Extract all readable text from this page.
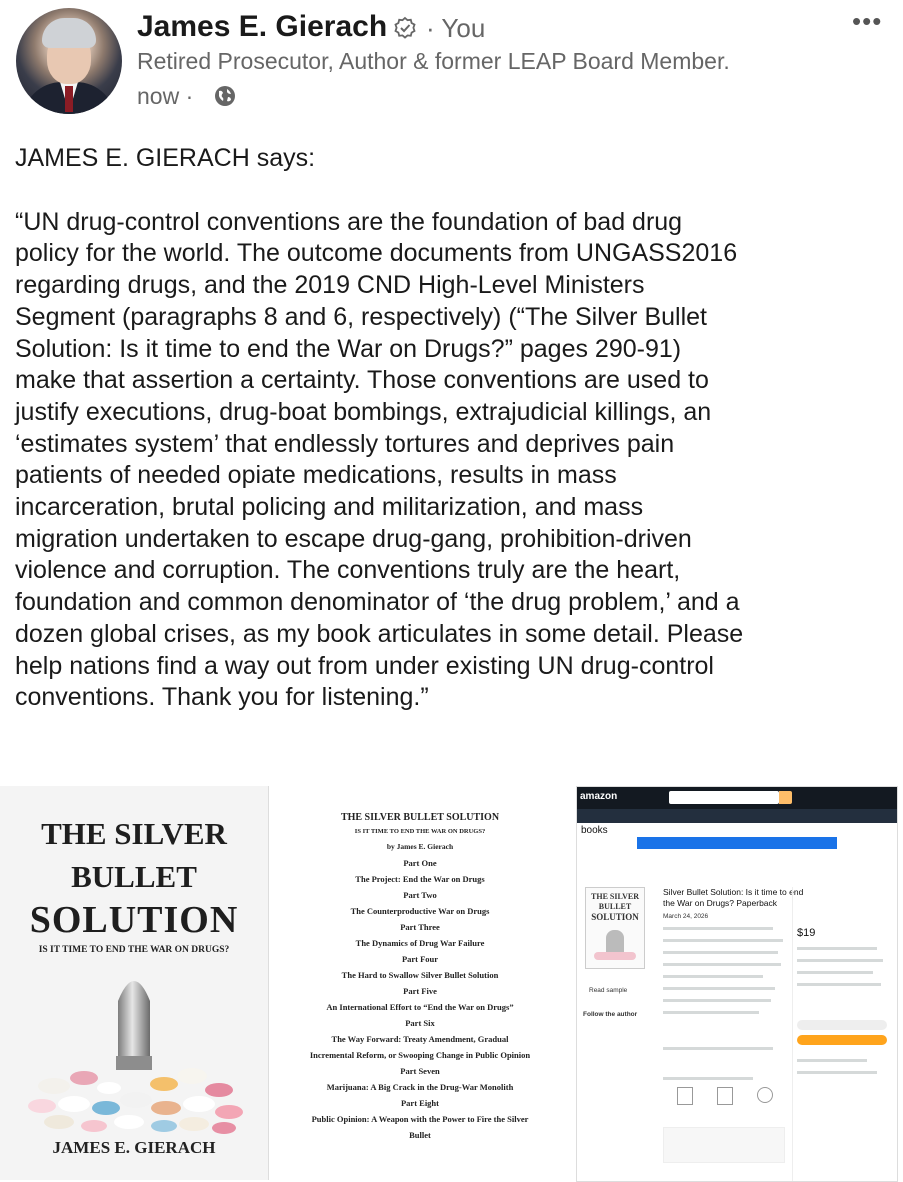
James E. Gierach · You
Retired Prosecutor, Author & former LEAP Board Member.
now ·
•••

JAMES E. GIERACH says:

“UN drug-control conventions are the foundation of bad drug
policy for the world. The outcome documents from UNGASS2016
regarding drugs, and the 2019 CND High-Level Ministers
Segment (paragraphs 8 and 6, respectively) (“The Silver Bullet
Solution: Is it time to end the War on Drugs?” pages 290-91)
make that assertion a certainty. Those conventions are used to
justify executions, drug-boat bombings, extrajudicial killings, an
‘estimates system’ that endlessly tortures and deprives pain
patients of needed opiate medications, results in mass
incarceration, brutal policing and militarization, and mass
migration undertaken to escape drug-gang, prohibition-driven
violence and corruption. The conventions truly are the heart,
foundation and common denominator of ‘the drug problem,’ and a
dozen global crises, as my book articulates in some detail. Please
help nations find a way out from under existing UN drug-control
conventions. Thank you for listening.”
THE SILVER
BULLET
SOLUTION
IS IT TIME TO END THE WAR ON DRUGS?
JAMES E. GIERACH
THE SILVER BULLET SOLUTION
IS IT TIME TO END THE WAR ON DRUGS?
by James E. Gierach
Part One
The Project: End the War on Drugs
Part Two
The Counterproductive War on Drugs
Part Three
The Dynamics of Drug War Failure
Part Four
The Hard to Swallow Silver Bullet Solution
Part Five
An International Effort to “End the War on Drugs”
Part Six
The Way Forward: Treaty Amendment, Gradual
Incremental Reform, or Swooping Change in Public Opinion
Part Seven
Marijuana: A Big Crack in the Drug-War Monolith
Part Eight
Public Opinion: A Weapon with the Power to Fire the Silver
Bullet
amazon
books
THE SILVER
BULLET
SOLUTION
Silver Bullet Solution: Is it time to end the War on Drugs? Paperback
March 24, 2026
Read sample
Follow the author
$19
